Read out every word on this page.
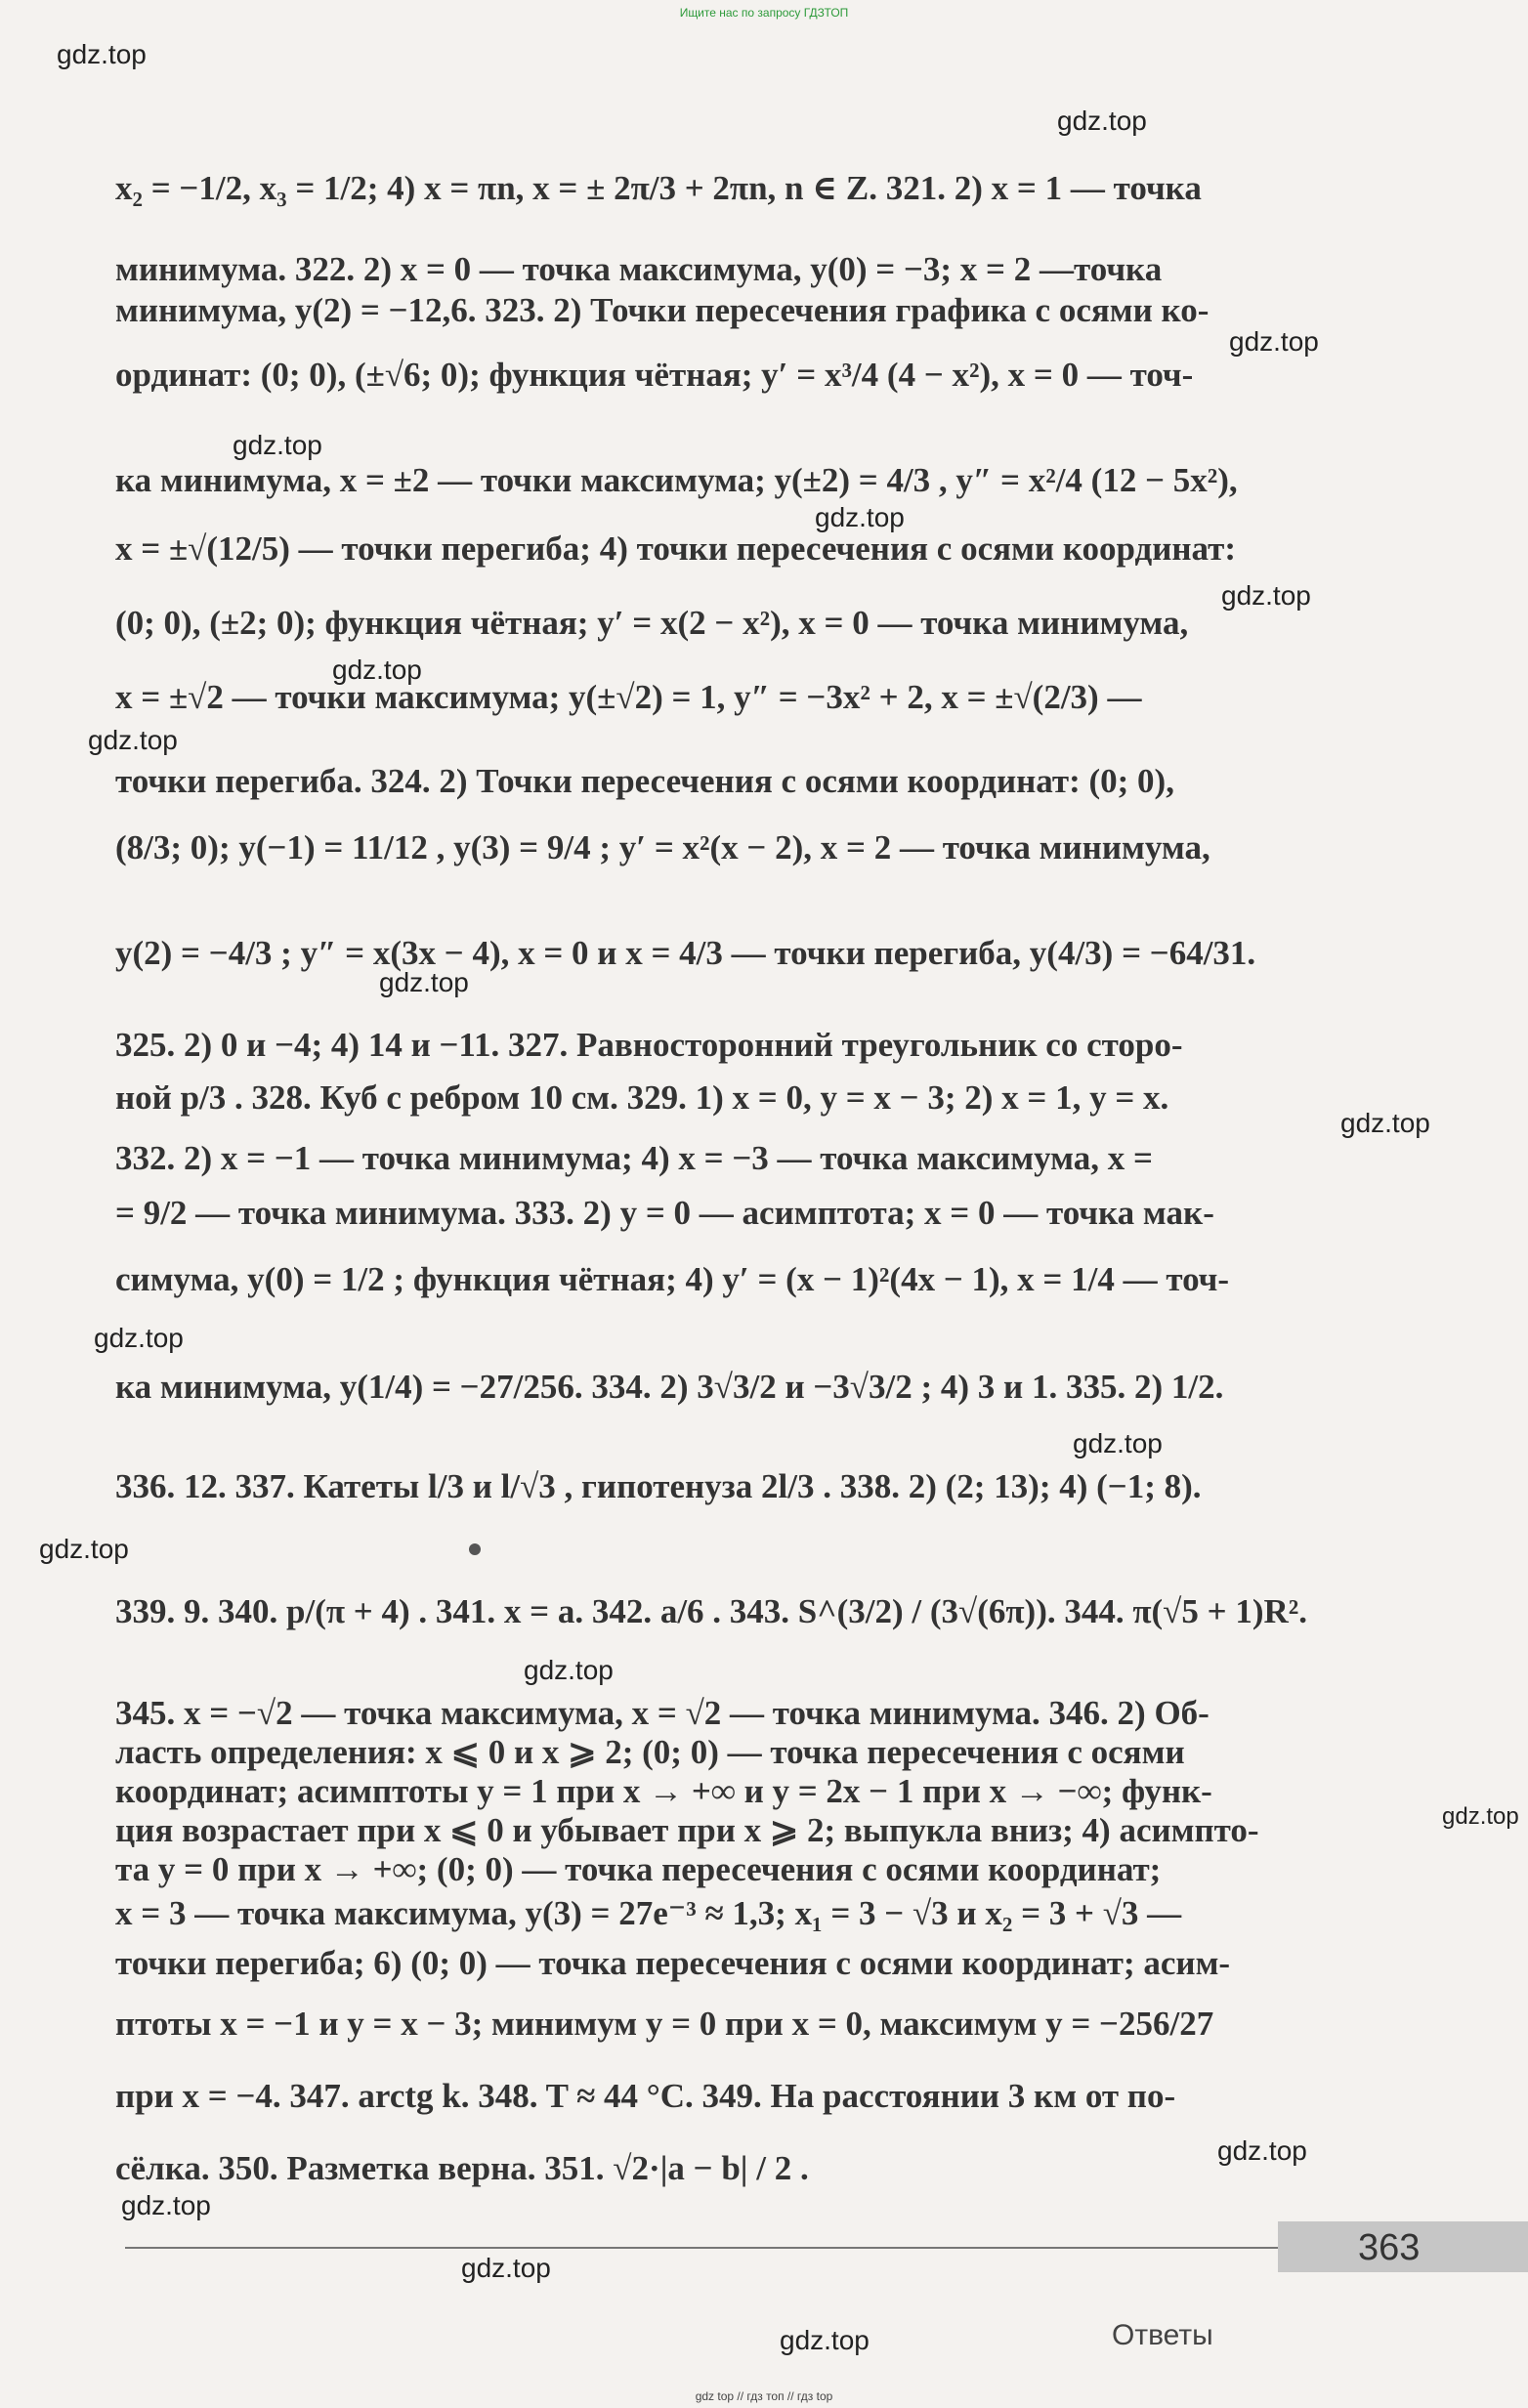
Ищите нас по запросу ГДЗТОП
gdz.top
gdz.top
gdz.top
gdz.top
gdz.top
gdz.top
gdz.top
gdz.top
gdz.top
gdz.top
gdz.top
gdz.top
gdz.top
gdz.top
gdz.top
gdz.top
gdz.top
gdz.top
gdz.top
x₂ = −1/2, x₃ = 1/2; 4) x = πn, x = ± 2π/3 + 2πn, n ∈ Z. 321. 2) x = 1 — точка
минимума. 322. 2) x = 0 — точка максимума, y(0) = −3; x = 2 —точка
минимума, y(2) = −12,6. 323. 2) Точки пересечения графика с осями ко-
ординат: (0; 0), (±√6; 0); функция чётная; y′ = x³/4 (4 − x²), x = 0 — точ-
ка минимума, x = ±2 — точки максимума; y(±2) = 4/3 , y″ = x²/4 (12 − 5x²),
x = ±√(12/5) — точки перегиба; 4) точки пересечения с осями координат:
(0; 0), (±2; 0); функция чётная; y′ = x(2 − x²), x = 0 — точка минимума,
x = ±√2 — точки максимума; y(±√2) = 1, y″ = −3x² + 2, x = ±√(2/3) —
точки перегиба. 324. 2) Точки пересечения с осями координат: (0; 0),
(8/3; 0); y(−1) = 11/12 , y(3) = 9/4 ; y′ = x²(x − 2), x = 2 — точка минимума,
y(2) = −4/3 ; y″ = x(3x − 4), x = 0 и x = 4/3 — точки перегиба, y(4/3) = −64/31.
325. 2) 0 и −4; 4) 14 и −11. 327. Равносторонний треугольник со сторо-
ной p/3 . 328. Куб с ребром 10 см. 329. 1) x = 0, y = x − 3; 2) x = 1, y = x.
332. 2) x = −1 — точка минимума; 4) x = −3 — точка максимума, x =
= 9/2 — точка минимума. 333. 2) y = 0 — асимптота; x = 0 — точка мак-
симума, y(0) = 1/2 ; функция чётная; 4) y′ = (x − 1)²(4x − 1), x = 1/4 — точ-
ка минимума, y(1/4) = −27/256. 334. 2) 3√3/2 и −3√3/2 ; 4) 3 и 1. 335. 2) 1/2.
336. 12. 337. Катеты l/3 и l/√3 , гипотенуза 2l/3 . 338. 2) (2; 13); 4) (−1; 8).
339. 9. 340. p/(π + 4) . 341. x = a. 342. a/6 . 343. S^(3/2) / (3√(6π)). 344. π(√5 + 1)R².
345. x = −√2 — точка максимума, x = √2 — точка минимума. 346. 2) Об-
ласть определения: x ⩽ 0 и x ⩾ 2; (0; 0) — точка пересечения с осями
координат; асимптоты y = 1 при x → +∞ и y = 2x − 1 при x → −∞; функ-
ция возрастает при x ⩽ 0 и убывает при x ⩾ 2; выпукла вниз; 4) асимпто-
та y = 0 при x → +∞; (0; 0) — точка пересечения с осями координат;
x = 3 — точка максимума, y(3) = 27e⁻³ ≈ 1,3; x₁ = 3 − √3 и x₂ = 3 + √3 —
точки перегиба; 6) (0; 0) — точка пересечения с осями координат; асим-
птоты x = −1 и y = x − 3; минимум y = 0 при x = 0, максимум y = −256/27
при x = −4. 347. arctg k. 348. T ≈ 44 °C. 349. На расстоянии 3 км от по-
сёлка. 350. Разметка верна. 351. √2·|a − b| / 2 .
363
Ответы
gdz top // гдз топ // гдз top
